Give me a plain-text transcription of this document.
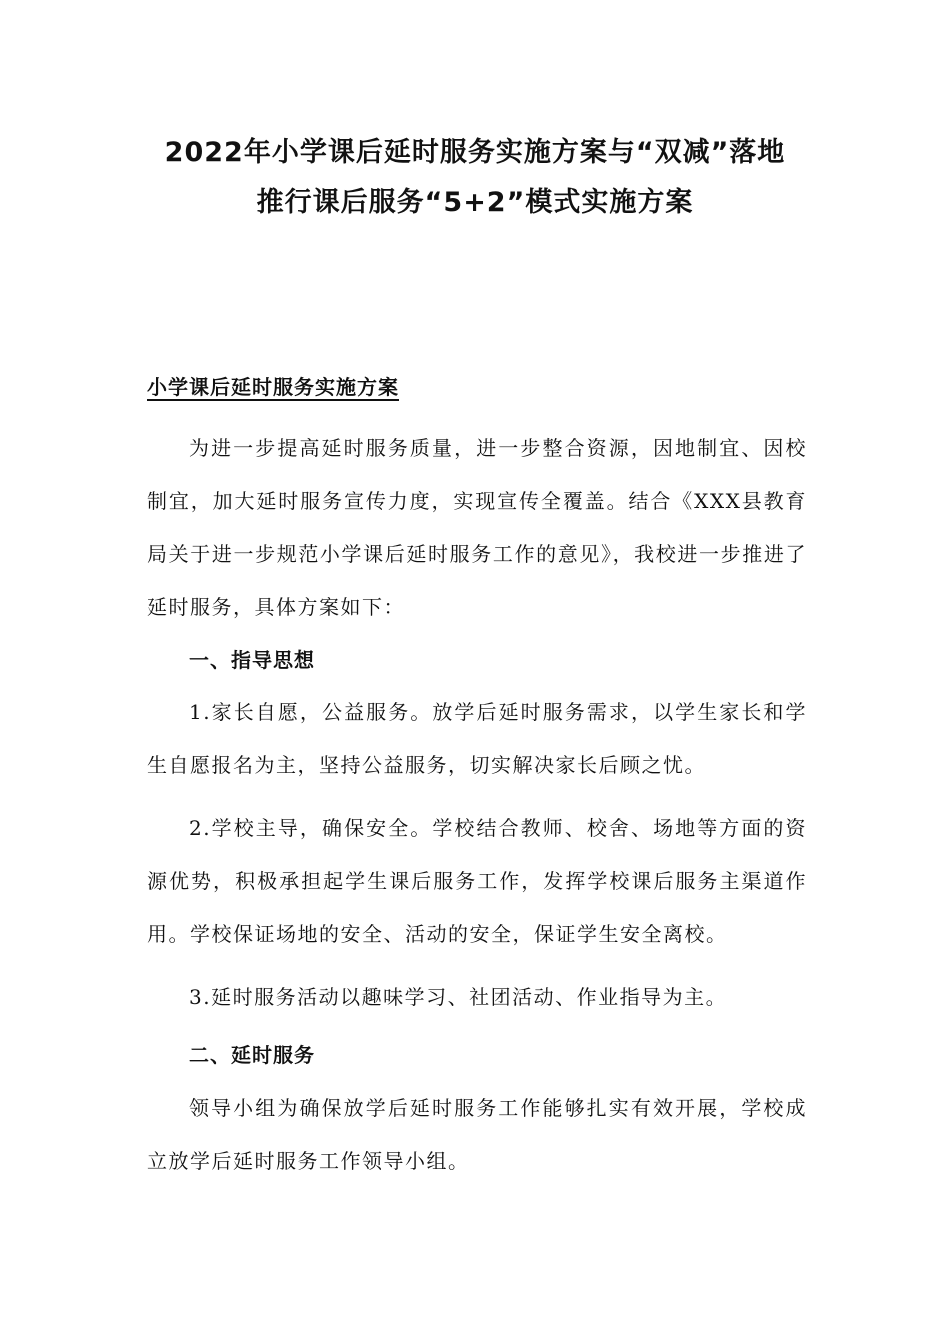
2022年小学课后延时服务实施方案与“双减”落地
推行课后服务“5+2”模式实施方案
小学课后延时服务实施方案

为进一步提高延时服务质量，进一步整合资源，因地制宜、因校制宜，加大延时服务宣传力度，实现宣传全覆盖。结合《XXX县教育局关于进一步规范小学课后延时服务工作的意见》，我校进一步推进了延时服务，具体方案如下：

一、指导思想

1.家长自愿，公益服务。放学后延时服务需求，以学生家长和学生自愿报名为主，坚持公益服务，切实解决家长后顾之忧。

2.学校主导，确保安全。学校结合教师、校舍、场地等方面的资源优势，积极承担起学生课后服务工作，发挥学校课后服务主渠道作用。学校保证场地的安全、活动的安全，保证学生安全离校。

3.延时服务活动以趣味学习、社团活动、作业指导为主。

二、延时服务

领导小组为确保放学后延时服务工作能够扎实有效开展，学校成立放学后延时服务工作领导小组。
